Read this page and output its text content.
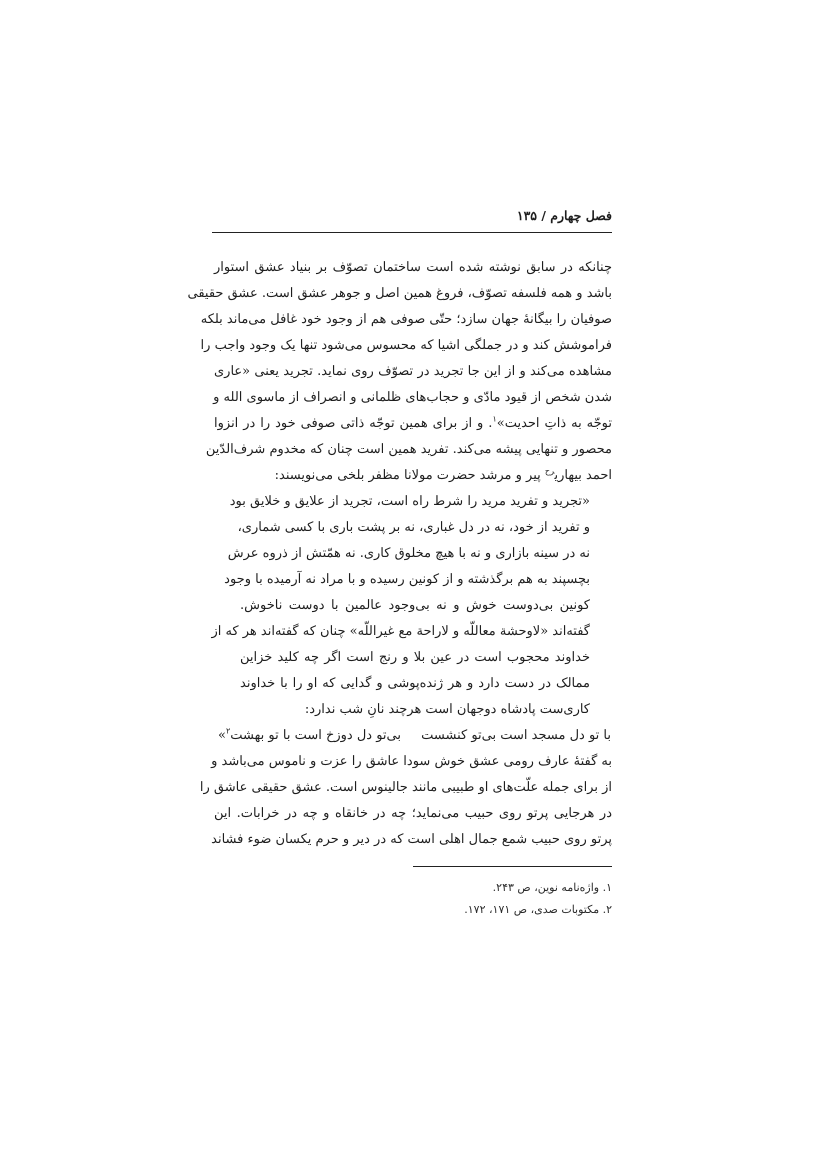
فصل چهارم / ۱۳۵
چنانکه در سابق نوشته شده است ساختمان تصوّف بر بنیاد عشق استوار
باشد و همه فلسفه تصوّف، فروغ همین اصل و جوهر عشق است. عشق حقیقی
صوفیان را بیگانهٔ جهان سازد؛ حتّی صوفی هم از وجود خود غافل می‌ماند بلکه
فراموشش کند و در جملگی اشیا که محسوس می‌شود تنها یک وجود واجب را
مشاهده می‌کند و از این جا تجرید در تصوّف روی نماید. تجرید یعنی «عاری
شدن شخص از قیود مادّی و حجاب‌های ظلمانی و انصراف از ماسوی الله و
توجّه به ذاتِ احدیت»$^۱$. و از برای همین توجّه ذاتی صوفی خود را در انزوا
محصور و تنهایی پیشه می‌کند. تفرید همین است چنان که مخدوم شرف‌الدّین
احمد بیهاری$^{رح}$ پیر و مرشد حضرت مولانا مظفر بلخی می‌نویسند:
«تجرید و تفرید مرید را شرط راه است، تجرید از علایق و خلایق بود
و تفرید از خود، نه در دل غباری، نه بر پشت باری با کسی شماری،
نه در سینه بازاری و نه با هیچ مخلوق کاری. نه همّتش از ذروه عرش
بچسپند به هم برگذشته و از کونین رسیده و با مراد نه آرمیده با وجود
کونین بی‌دوست خوش و نه بی‌وجود عالمین با دوست ناخوش.
گفته‌اند «لاوحشة معاللّه و لاراحة مع غیراللّه» چنان که گفته‌اند هر که از
خداوند محجوب است در عین بلا و رنج است اگر چه کلید خزاین
ممالک در دست دارد و هر ژنده‌پوشی و گدایی که او را با خداوند
کاری‌ست پادشاه دوجهان است هرچند نانِ شب ندارد:
با تو دل مسجد است بی‌تو کنشست
بی‌تو دل دوزخ است با تو بهشت$^۲$»
به گفتهٔ عارف رومی عشق خوش سودا عاشق را عزت و ناموس می‌باشد و
از برای جمله علّت‌های او طبیبی مانند جالینوس است. عشق حقیقی عاشق را
در هرجایی پرتو روی حبیب می‌نماید؛ چه در خانقاه و چه در خرابات. این
پرتو روی حبیب شمع جمال اهلی است که در دیر و حرم یکسان ضوء فشاند
۱. واژه‌نامه نوین، ص ۲۴۳.
۲. مکتوبات صدی، ص ۱۷۱، ۱۷۲.
